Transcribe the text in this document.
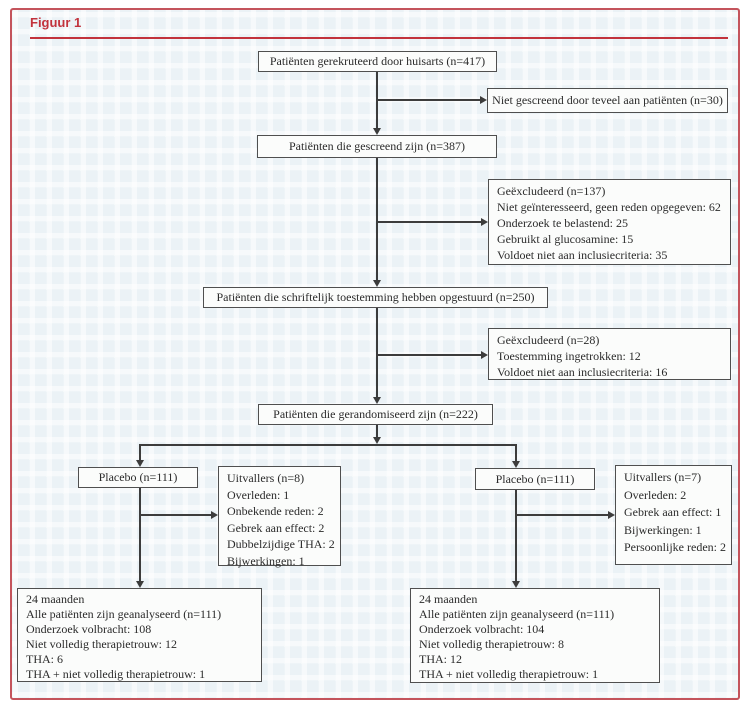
Figuur 1
Patiënten gerekruteerd door huisarts (n=417)
Niet gescreend door teveel aan patiënten (n=30)
Patiënten die gescreend zijn (n=387)
Geëxcludeerd (n=137)
Niet geïnteresseerd, geen reden opgegeven: 62
Onderzoek te belastend: 25
Gebruikt al glucosamine: 15
Voldoet niet aan inclusiecriteria: 35
Patiënten die schriftelijk toestemming hebben opgestuurd (n=250)
Geëxcludeerd (n=28)
Toestemming ingetrokken: 12
Voldoet niet aan inclusiecriteria: 16
Patiënten die gerandomiseerd zijn (n=222)
Placebo (n=111)	Uitvallers (n=8)
Overleden: 1
Onbekende reden: 2
Gebrek aan effect: 2
Dubbelzijdige THA: 2
Bijwerkingen: 1
Placebo (n=111)	Uitvallers (n=7)
Overleden: 2
Gebrek aan effect: 1
Bijwerkingen: 1
Persoonlijke reden: 2
24 maanden
Alle patiënten zijn geanalyseerd (n=111)
Onderzoek volbracht: 108
Niet volledig therapietrouw: 12
THA: 6
THA + niet volledig therapietrouw: 1
24 maanden
Alle patiënten zijn geanalyseerd (n=111)
Onderzoek volbracht: 104
Niet volledig therapietrouw: 8
THA: 12
THA + niet volledig therapietrouw: 1
